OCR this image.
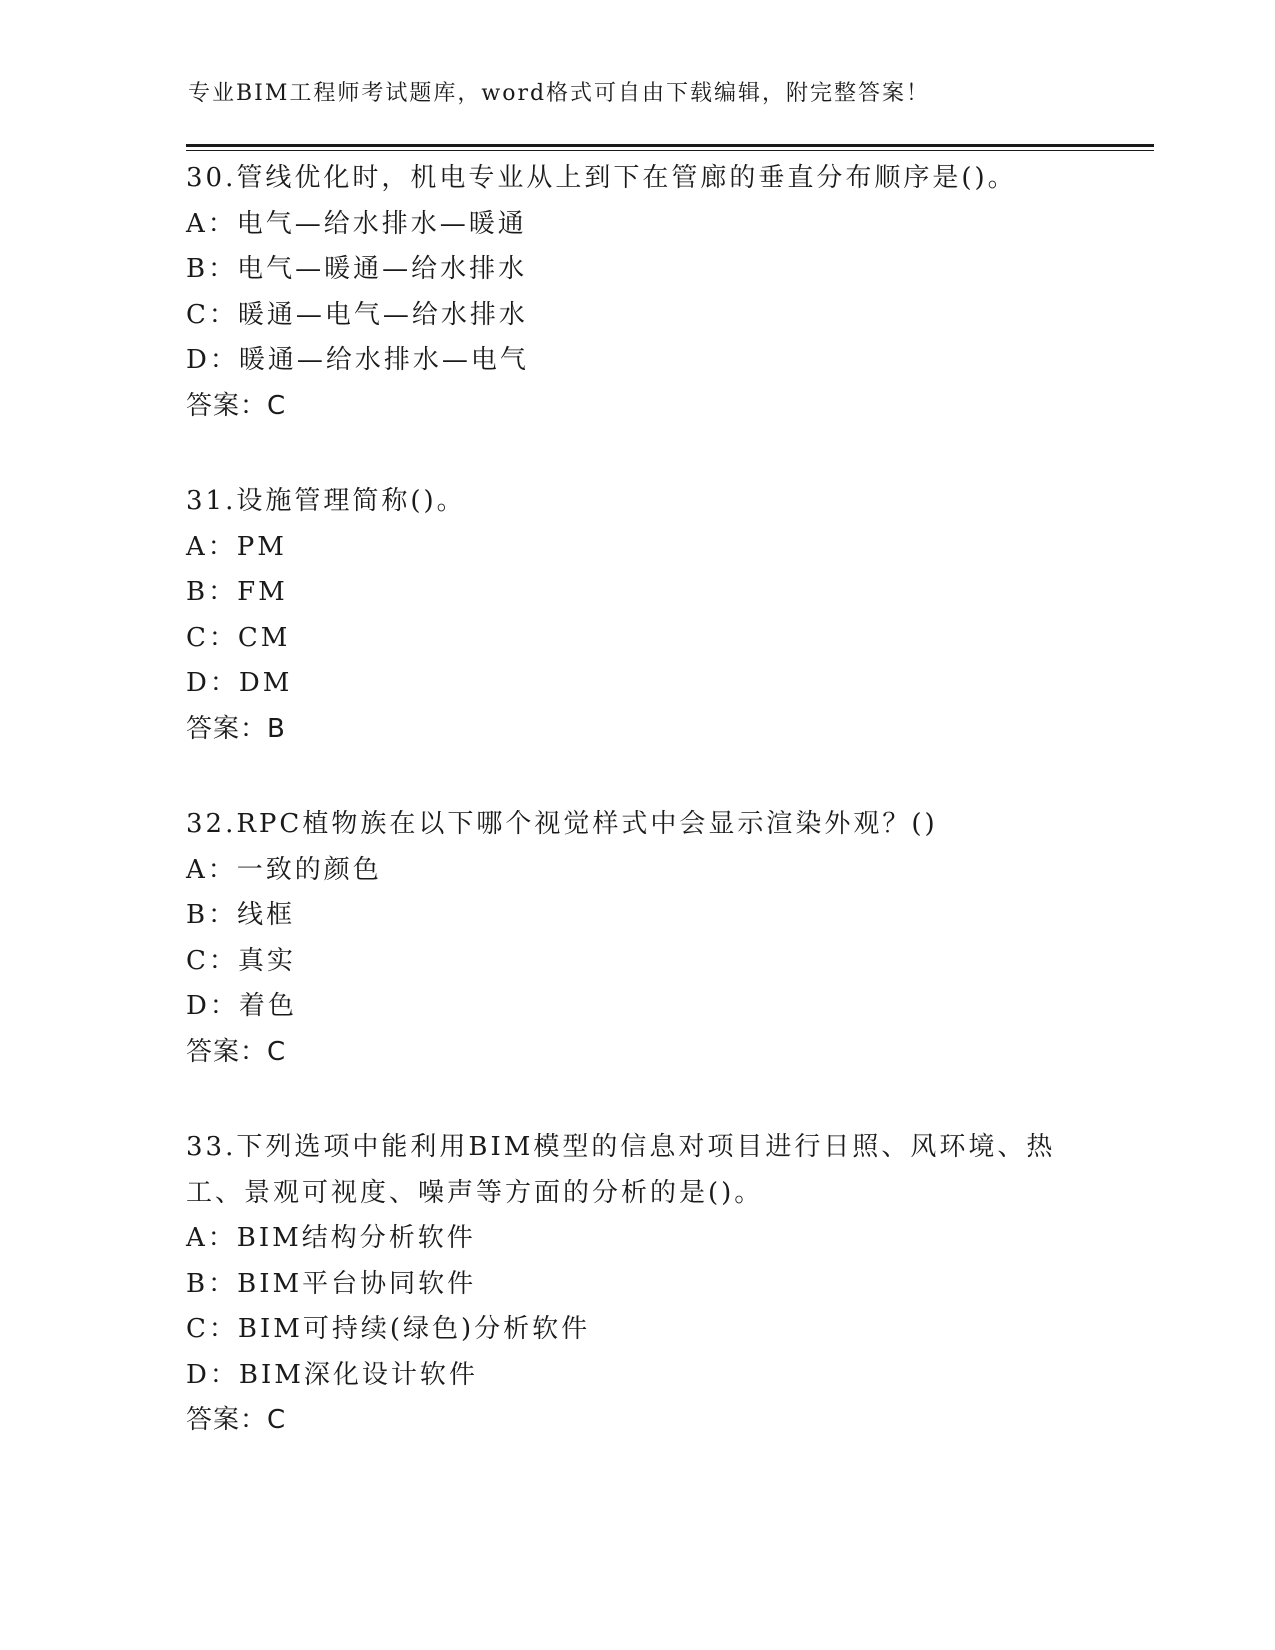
专业BIM工程师考试题库，word格式可自由下载编辑，附完整答案！
30.管线优化时，机电专业从上到下在管廊的垂直分布顺序是()。
A：电气—给水排水—暖通
B：电气—暖通—给水排水
C：暖通—电气—给水排水
D：暖通—给水排水—电气
答案：C
31.设施管理简称()。
A：PM
B：FM
C：CM
D：DM
答案：B
32.RPC植物族在以下哪个视觉样式中会显示渲染外观？()
A：一致的颜色
B：线框
C：真实
D：着色
答案：C
33.下列选项中能利用BIM模型的信息对项目进行日照、风环境、热工、景观可视度、噪声等方面的分析的是()。
A：BIM结构分析软件
B：BIM平台协同软件
C：BIM可持续(绿色)分析软件
D：BIM深化设计软件
答案：C
